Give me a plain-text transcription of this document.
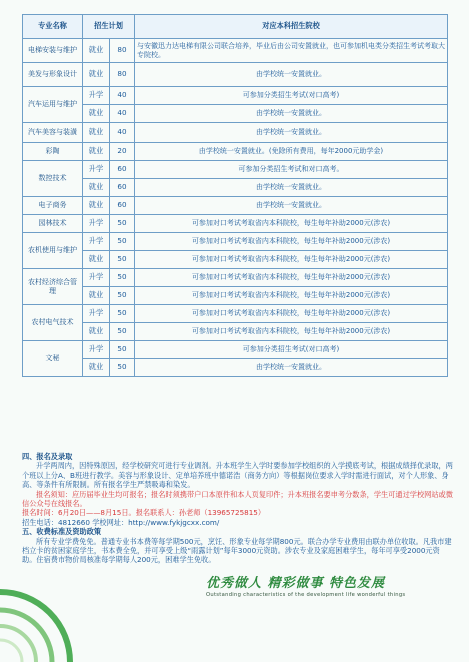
专业名称	招生计划		对应本科招生院校
电梯安装与维护	就业	80	与安徽迅力达电梯有限公司联合培养，毕业后由公司安置就业，也可参加机电类分类招生考试考取大专院校。
美发与形象设计	就业	80	由学校统一安置就业。
汽车运用与维护	升学	40	可参加分类招生考试(对口高考)
	就业	40	由学校统一安置就业。
汽车美容与装潢	就业	40	由学校统一安置就业。
彩陶	就业	20	由学校统一安置就业。(免除所有费用，每年2000元助学金)
数控技术	升学	60	可参加分类招生考试和对口高考。
	就业	60	由学校统一安置就业。
电子商务	就业	60	由学校统一安置就业。
园林技术	升学	50	可参加对口考试考取省内本科院校，每生每年补助2000元(涉农)
农机使用与维护	升学	50	可参加对口考试考取省内本科院校，每生每年补助2000元(涉农)
	就业	50	可参加对口考试考取省内本科院校，每生每年补助2000元(涉农)
农村经济综合管理	升学	50	可参加对口考试考取省内本科院校，每生每年补助2000元(涉农)
	就业	50	可参加对口考试考取省内本科院校，每生每年补助2000元(涉农)
农村电气技术	升学	50	可参加对口考试考取省内本科院校，每生每年补助2000元(涉农)
	就业	50	可参加对口考试考取省内本科院校，每生每年补助2000元(涉农)
文秘	升学	50	可参加分类招生考试(对口高考)
	就业	50	由学校统一安置就业。

四、报名及录取

升学两周内，因特殊原因，经学校研究可进行专业调剂。升本班学生入学时要参加学校组织的入学摸底考试，根据成绩择优录取，两个班以上分A、B班进行教学。美容与形象设计、定单培养班中德诺浩（商务方向）等根据岗位要求入学时需进行面试，对个人形象、身高、等条件有所限制。所有报名学生严禁吸毒和染发。

报名须知：应历届毕业生均可报名；报名时须携带户口本原件和本人页复印件；升本班报名要申考分数条，学生可通过学校网站或微信公众号在线报名。

报名时间：6月20日——8月15日。报名联系人：孙老师（13965725815）

招生电话：4812660 学校网址：http://www.fykjgcxx.com/

五、收费标准及资助政策

所有专业学费免免。普通专业书本费等每学期500元，烹饪、形象专业每学期800元。联合办学专业费用由联办单位收取。凡我市建档立卡的贫困家庭学生，书本费全免，并可享受上级“雨露计划”每年3000元资助。涉农专业及家庭困难学生，每年可享受2000元资助。住宿费市物价局核准每学期每人200元，困难学生免收。

优秀做人 精彩做事 特色发展
Outstanding characteristics of the development life wonderful things
